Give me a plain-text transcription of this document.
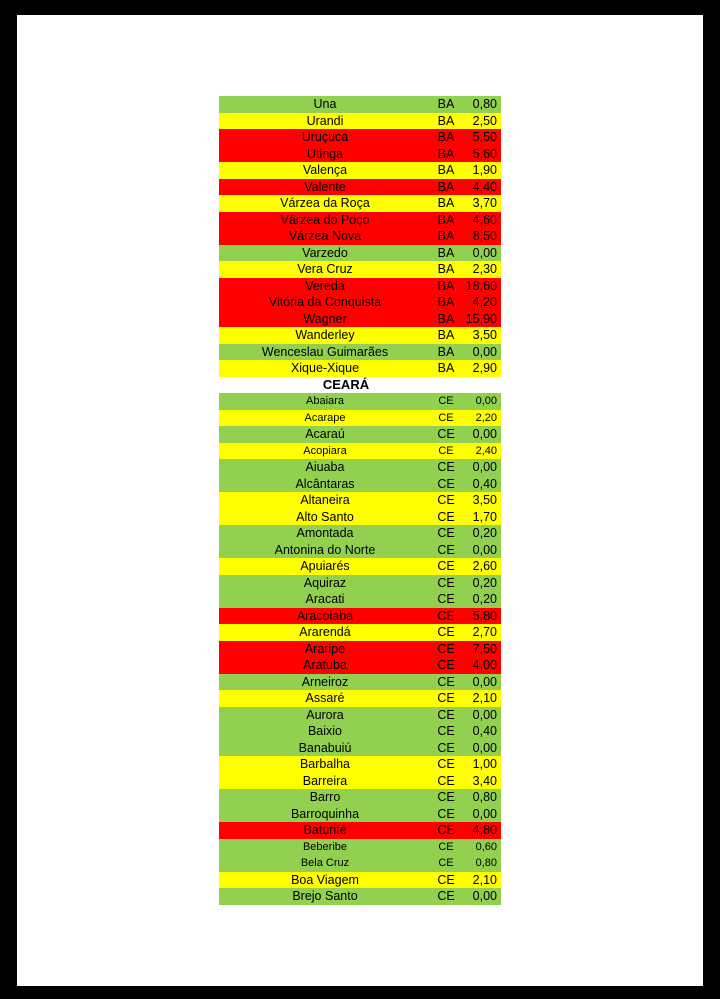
Una	BA	0,80
Urandi	BA	2,50
Uruçuca	BA	5,50
Utinga	BA	5,60
Valença	BA	1,90
Valente	BA	4,40
Várzea da Roça	BA	3,70
Várzea do Poço	BA	4,60
Várzea Nova	BA	8,50
Varzedo	BA	0,00
Vera Cruz	BA	2,30
Vereda	BA 18,60
Vitória da Conquista	BA	4,20
Wagner	BA 15,90
Wanderley	BA	3,50
Wenceslau Guimarães	BA	0,00
Xique-Xique	BA	2,90
CEARÁ
Abaiara	CE	0,00
Acarape	CE	2,20
Acaraú	CE	0,00
Acopiara	CE	2,40
Aiuaba	CE	0,00
Alcântaras	CE	0,40
Altaneira	CE	3,50
Alto Santo	CE	1,70
Amontada	CE	0,20
Antonina do Norte	CE	0,00
Apuiarés	CE	2,60
Aquiraz	CE	0,20
Aracati	CE	0,20
Aracoiaba	CE	5,80
Ararendá	CE	2,70
Araripe	CE	7,50
Aratuba	CE	4,00
Arneiroz	CE	0,00
Assaré	CE	2,10
Aurora	CE	0,00
Baixio	CE	0,40
Banabuiú	CE	0,00
Barbalha	CE	1,00
Barreira	CE	3,40
Barro	CE	0,80
Barroquinha	CE	0,00
Baturité	CE	4,80
Beberibe	CE	0,60
Bela Cruz	CE	0,80
Boa Viagem	CE	2,10
Brejo Santo	CE	0,00
